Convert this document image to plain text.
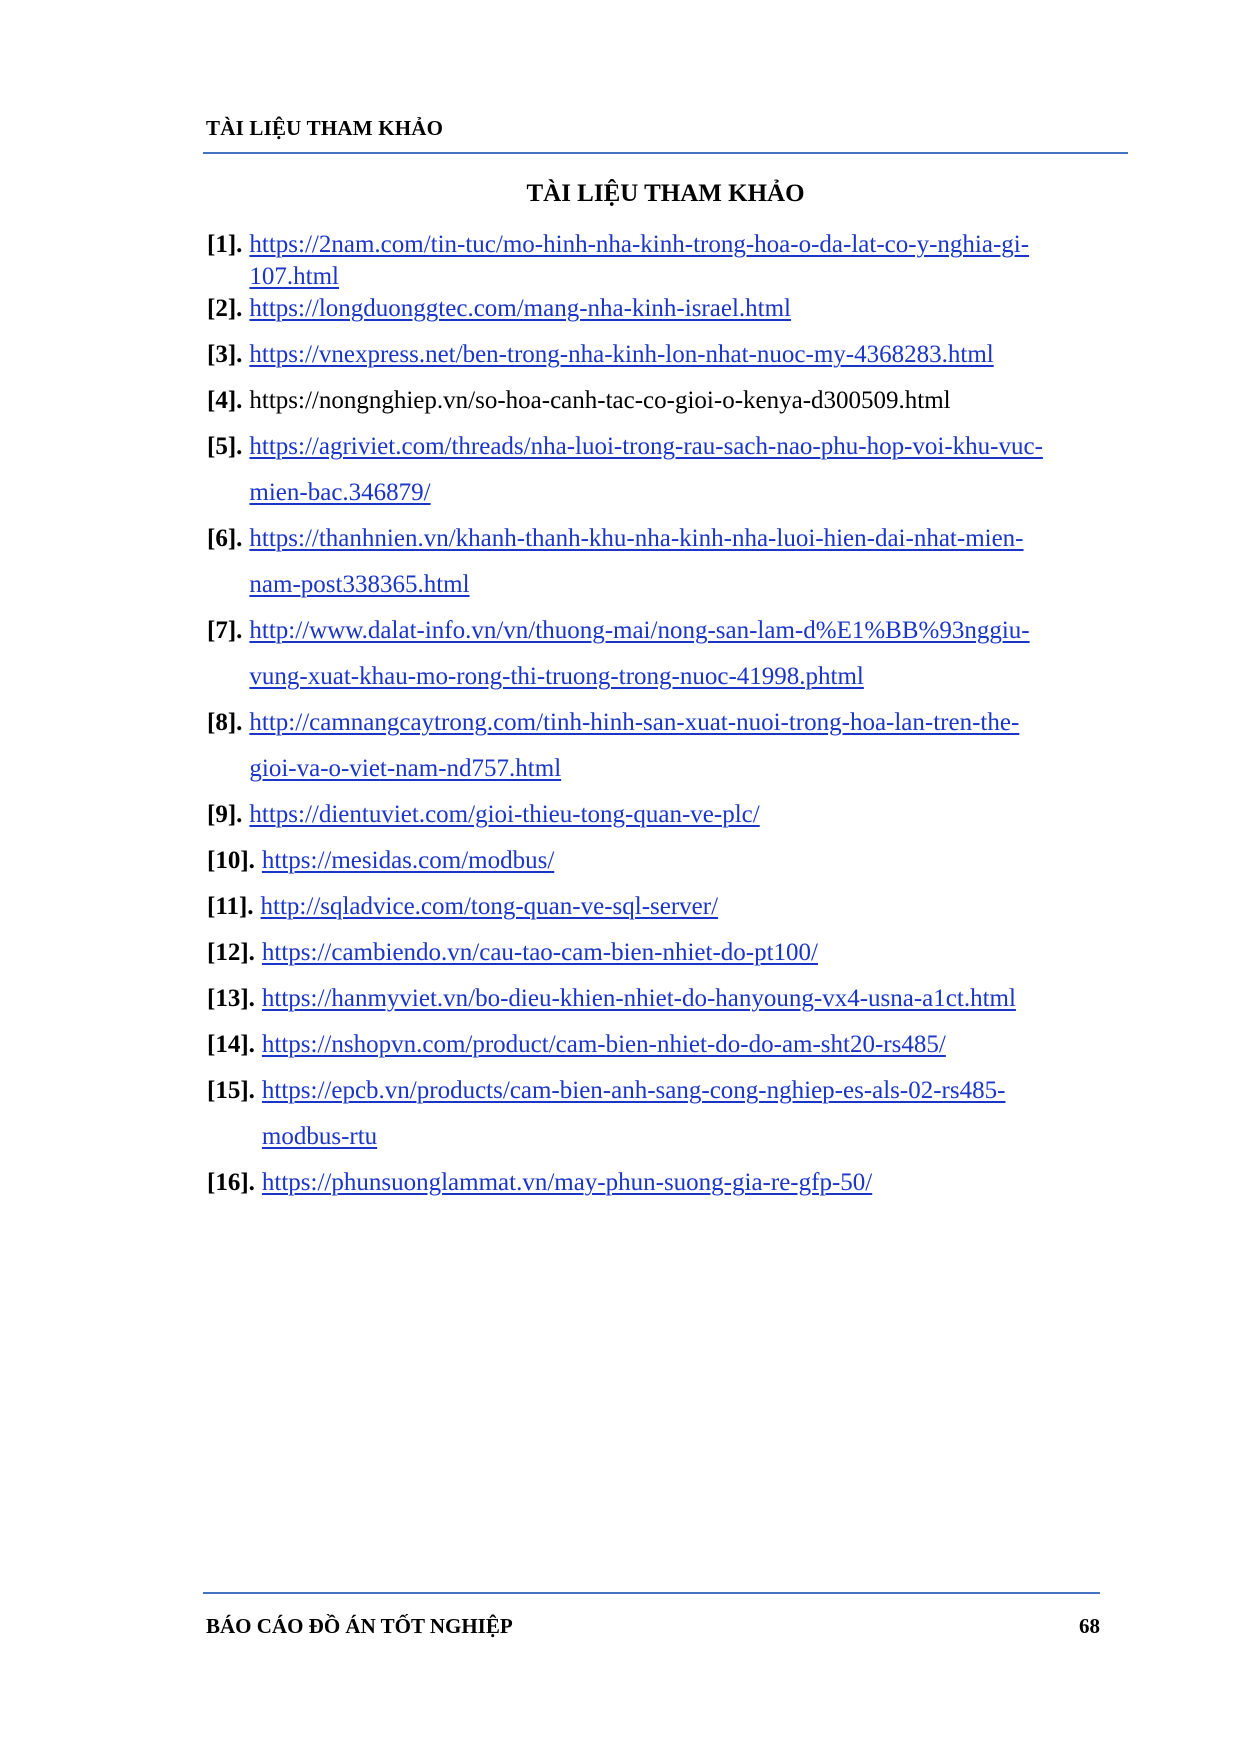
TÀI LIỆU THAM KHẢO
TÀI LIỆU THAM KHẢO
[1]. https://2nam.com/tin-tuc/mo-hinh-nha-kinh-trong-hoa-o-da-lat-co-y-nghia-gi-
107.html
[2]. https://longduonggtec.com/mang-nha-kinh-israel.html
[3]. https://vnexpress.net/ben-trong-nha-kinh-lon-nhat-nuoc-my-4368283.html
[4]. https://nongnghiep.vn/so-hoa-canh-tac-co-gioi-o-kenya-d300509.html
[5]. https://agriviet.com/threads/nha-luoi-trong-rau-sach-nao-phu-hop-voi-khu-vuc-
mien-bac.346879/
[6]. https://thanhnien.vn/khanh-thanh-khu-nha-kinh-nha-luoi-hien-dai-nhat-mien-
nam-post338365.html
[7]. http://www.dalat-info.vn/vn/thuong-mai/nong-san-lam-d%E1%BB%93nggiu-
vung-xuat-khau-mo-rong-thi-truong-trong-nuoc-41998.phtml
[8]. http://camnangcaytrong.com/tinh-hinh-san-xuat-nuoi-trong-hoa-lan-tren-the-
gioi-va-o-viet-nam-nd757.html
[9]. https://dientuviet.com/gioi-thieu-tong-quan-ve-plc/
[10]. https://mesidas.com/modbus/
[11]. http://sqladvice.com/tong-quan-ve-sql-server/
[12]. https://cambiendo.vn/cau-tao-cam-bien-nhiet-do-pt100/
[13]. https://hanmyviet.vn/bo-dieu-khien-nhiet-do-hanyoung-vx4-usna-a1ct.html
[14]. https://nshopvn.com/product/cam-bien-nhiet-do-do-am-sht20-rs485/
[15]. https://epcb.vn/products/cam-bien-anh-sang-cong-nghiep-es-als-02-rs485-
modbus-rtu
[16]. https://phunsuonglammat.vn/may-phun-suong-gia-re-gfp-50/
BÁO CÁO ĐỒ ÁN TỐT NGHIỆP	68
